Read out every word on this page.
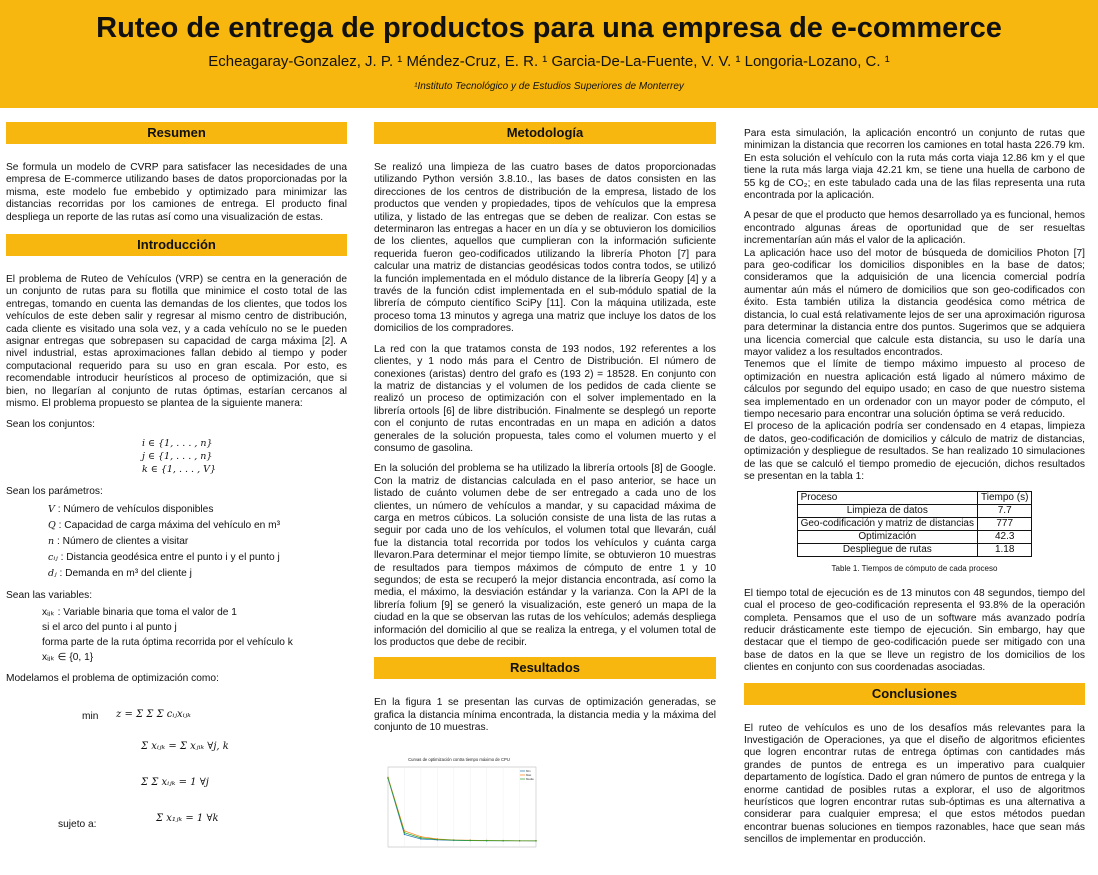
Ruteo de entrega de productos para una empresa de e-commerce
Echeagaray-Gonzalez, J. P. ¹ Méndez-Cruz, E. R. ¹ Garcia-De-La-Fuente, V. V. ¹ Longoria-Lozano, C. ¹
¹Instituto Tecnológico y de Estudios Superiores de Monterrey
Resumen
Se formula un modelo de CVRP para satisfacer las necesidades de una empresa de E-commerce utilizando bases de datos proporcionadas por la misma, este modelo fue embebido y optimizado para minimizar las distancias recorridas por los camiones de entrega. El producto final despliega un reporte de las rutas así como una visualización de estas.
Introducción
El problema de Ruteo de Vehículos (VRP) se centra en la generación de un conjunto de rutas para su flotilla que minimice el costo total de las entregas, tomando en cuenta las demandas de los clientes, que todos los vehículos de este deben salir y regresar al mismo centro de distribución, cada cliente es visitado una sola vez, y a cada vehículo no se le pueden asignar entregas que sobrepasen su capacidad de carga máxima [2]. A nivel industrial, estas aproximaciones fallan debido al tiempo y poder computacional requerido para su uso en gran escala. Por esto, es recomendable introducir heurísticos al proceso de optimización, que si bien, no llegarían al conjunto de rutas óptimas, estarían cercanos al mismo. El problema propuesto se plantea de la siguiente manera:
Sean los conjuntos:
i ∈ {1, . . . , n}
j ∈ {1, . . . , n}
k ∈ {1, . . . , V}
Sean los parámetros:
V : Número de vehículos disponibles
Q : Capacidad de carga máxima del vehículo en m³
n : Número de clientes a visitar
cᵢⱼ : Distancia geodésica entre el punto i y el punto j
dⱼ : Demanda en m³ del cliente j
Sean las variables:
xᵢⱼₖ : Variable binaria que toma el valor de 1
si el arco del punto i al punto j
forma parte de la ruta óptima recorrida por el vehículo k
xᵢⱼₖ ∈ {0, 1}
Modelamos el problema de optimización como:
min z = Σ Σ Σ cᵢⱼxᵢⱼₖ
Σ xᵢⱼₖ = Σ xⱼᵢₖ ∀j, k
Σ Σ xᵢⱼₖ = 1 ∀j
sujeto a:
Σ x₁ⱼₖ = 1 ∀k
Metodología
Se realizó una limpieza de las cuatro bases de datos proporcionadas utilizando Python versión 3.8.10., las bases de datos consisten en las direcciones de los centros de distribución de la empresa, listado de los productos que venden y propiedades, tipos de vehículos que la empresa utiliza, y listado de las entregas que se deben de realizar. Con estas se determinaron las entregas a hacer en un día y se obtuvieron los domicilios de los clientes, aquellos que cumplieran con la información suficiente requerida fueron geo-codificados utilizando la librería Photon [7] para calcular una matriz de distancias geodésicas todos contra todos, se utilizó la función implementada en el módulo distance de la librería Geopy [4] y a través de la función cdist implementada en el sub-módulo spatial de la librería de cómputo científico SciPy [11]. Con la máquina utilizada, este proceso toma 13 minutos y agrega una matriz que incluye los datos de los domicilios de los compradores.
La red con la que tratamos consta de 193 nodos, 192 referentes a los clientes, y 1 nodo más para el Centro de Distribución. El número de conexiones (aristas) dentro del grafo es (193 2) = 18528. En conjunto con la matriz de distancias y el volumen de los pedidos de cada cliente se realizó un proceso de optimización con el solver implementado en la librería ortools [6] de libre distribución. Finalmente se desplegó un reporte con el conjunto de rutas encontradas en un mapa en adición a datos generales de la solución propuesta, tales como el volumen muerto y el consumo de gasolina.
En la solución del problema se ha utilizado la librería ortools [8] de Google. Con la matriz de distancias calculada en el paso anterior, se hace un listado de cuánto volumen debe de ser entregado a cada uno de los clientes, un número de vehículos a mandar, y su capacidad máxima de carga en metros cúbicos. La solución consiste de una lista de las rutas a seguir por cada uno de los vehículos, el volumen total que llevarán, cuál fue la distancia total recorrida por todos los vehículos y cuánta carga llevaron.Para determinar el mejor tiempo límite, se obtuvieron 10 muestras de resultados para tiempos máximos de cómputo de entre 1 y 10 segundos; de esta se recuperó la mejor distancia encontrada, así como la media, el máximo, la desviación estándar y la varianza. Con la API de la librería folium [9] se generó la visualización, este generó un mapa de la ciudad en la que se observan las rutas de los vehículos; además despliega información del domicilio al que se realiza la entrega, y el volumen total de los productos que debe de recibir.
Resultados
En la figura 1 se presentan las curvas de optimización generadas, se grafica la distancia mínima encontrada, la distancia media y la máxima del conjunto de 10 muestras.
Curvas de optimización contra tiempo máximo de CPU
Min
Max
Media
Para esta simulación, la aplicación encontró un conjunto de rutas que minimizan la distancia que recorren los camiones en total hasta 226.79 km. En esta solución el vehículo con la ruta más corta viaja 12.86 km y el que tiene la ruta más larga viaja 42.21 km, se tiene una huella de carbono de 55 kg de CO₂; en este tabulado cada una de las filas representa una ruta encontrada por la aplicación.
A pesar de que el producto que hemos desarrollado ya es funcional, hemos encontrado algunas áreas de oportunidad que de ser resueltas incrementarían aún más el valor de la aplicación.
La aplicación hace uso del motor de búsqueda de domicilios Photon [7] para geo-codificar los domicilios disponibles en la base de datos; consideramos que la adquisición de una licencia comercial podría aumentar aún más el número de domicilios que son geo-codificados con éxito. Esta también utiliza la distancia geodésica como métrica de distancia, lo cual está relativamente lejos de ser una aproximación rigurosa para determinar la distancia entre dos puntos. Sugerimos que se adquiera una licencia comercial que calcule esta distancia, su uso le daría una mayor validez a los resultados encontrados.
Tenemos que el límite de tiempo máximo impuesto al proceso de optimización en nuestra aplicación está ligado al número máximo de cálculos por segundo del equipo usado; en caso de que nuestro sistema sea implementado en un ordenador con un mayor poder de cómputo, el tiempo necesario para encontrar una solución óptima se verá reducido.
El proceso de la aplicación podría ser condensado en 4 etapas, limpieza de datos, geo-codificación de domicilios y cálculo de matriz de distancias, optimización y despliegue de resultados. Se han realizado 10 simulaciones de las que se calculó el tiempo promedio de ejecución, dichos resultados se presentan en la tabla 1:
Proceso	Tiempo (s)
Limpieza de datos	7.7
Geo-codificación y matriz de distancias	777
Optimización	42.3
Despliegue de rutas	1.18
Table 1. Tiempos de cómputo de cada proceso
El tiempo total de ejecución es de 13 minutos con 48 segundos, tiempo del cual el proceso de geo-codificación representa el 93.8% de la operación completa. Pensamos que el uso de un software más avanzado podría reducir drásticamente este tiempo de ejecución. Sin embargo, hay que destacar que el tiempo de geo-codificación puede ser mitigado con una base de datos en la que se lleve un registro de los domicilios de los clientes en conjunto con sus coordenadas asociadas.
Conclusiones
El ruteo de vehículos es uno de los desafíos más relevantes para la Investigación de Operaciones, ya que el diseño de algoritmos eficientes que logren encontrar rutas de entrega óptimas con cantidades más grandes de puntos de entrega es un imperativo para cualquier departamento de logística. Dado el gran número de puntos de entrega y la enorme cantidad de posibles rutas a explorar, el uso de algoritmos heurísticos que logren encontrar rutas sub-óptimas es una alternativa a considerar para cualquier empresa; el que estos métodos puedan encontrar buenas soluciones en tiempos razonables, hace que sean más sencillos de implementar en producción.
